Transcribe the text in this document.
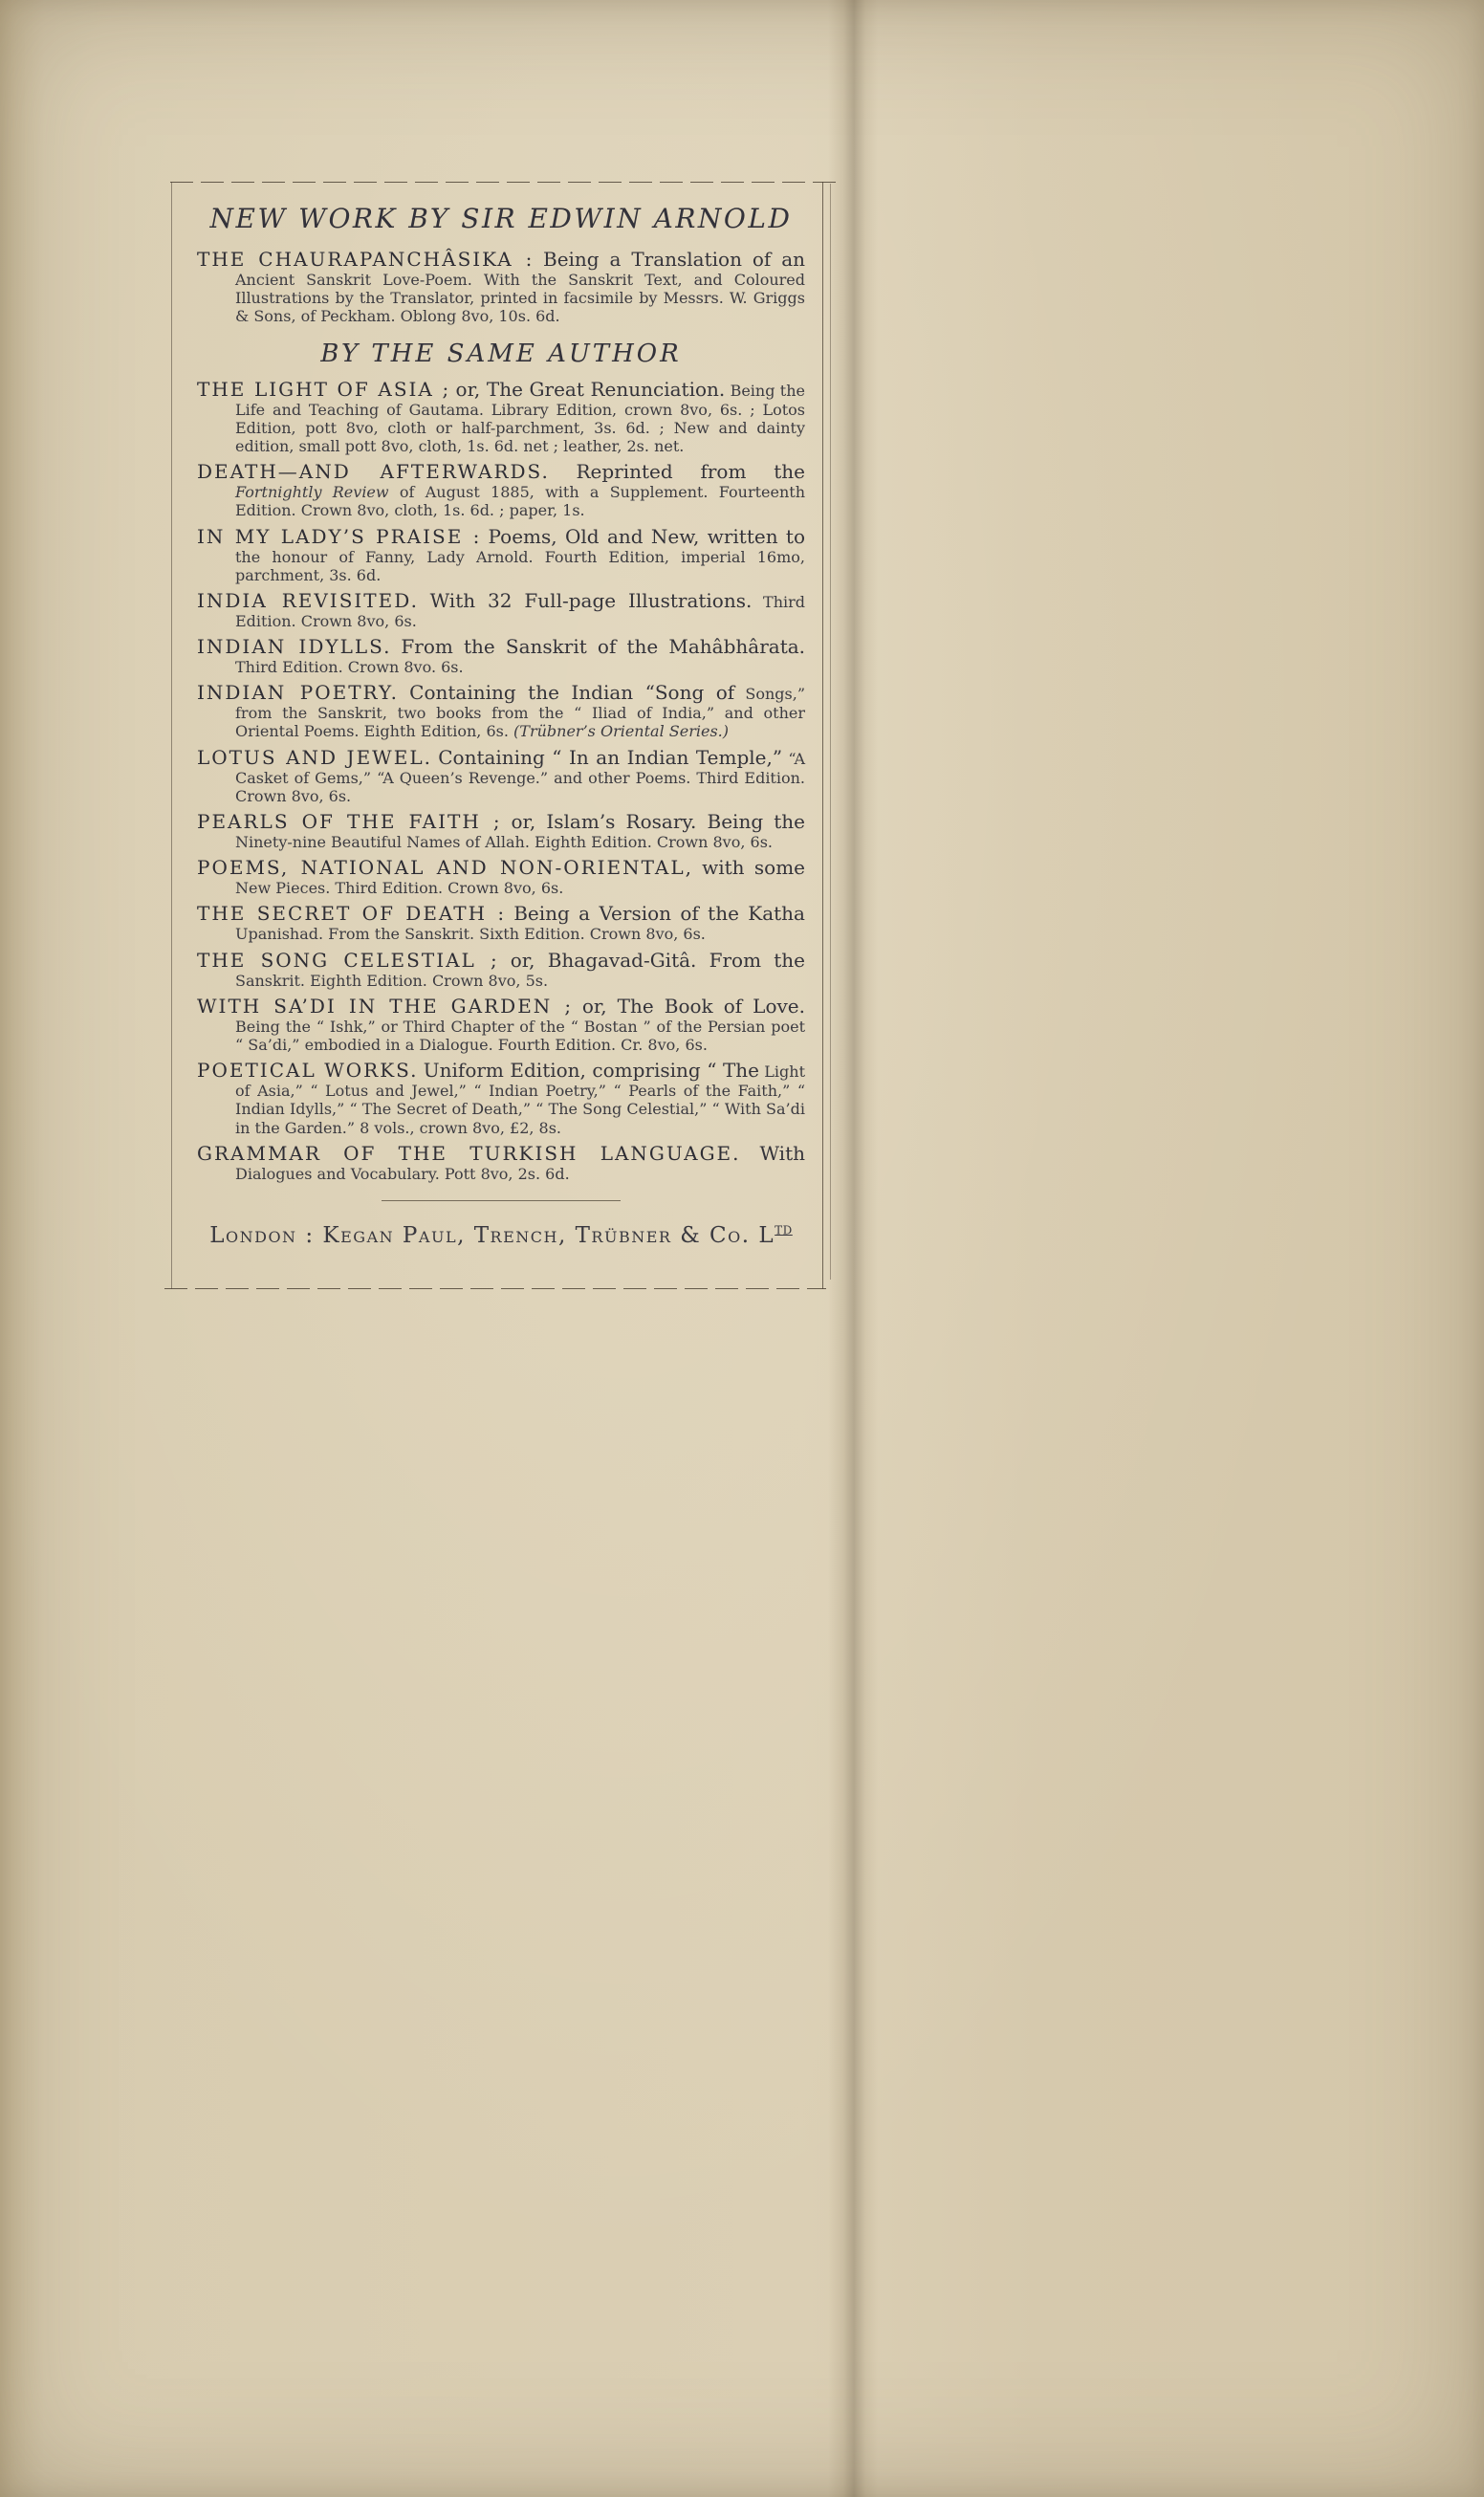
NEW WORK BY SIR EDWIN ARNOLD

THE CHAURAPANCHÂSIKA : Being a Translation of an Ancient Sanskrit Love-Poem. With the Sanskrit Text, and Coloured Illustrations by the Translator, printed in facsimile by Messrs. W. Griggs & Sons, of Peckham. Oblong 8vo, 10s. 6d.

BY THE SAME AUTHOR

THE LIGHT OF ASIA ; or, The Great Renunciation. Being the Life and Teaching of Gautama. Library Edition, crown 8vo, 6s. ; Lotos Edition, pott 8vo, cloth or half-parchment, 3s. 6d. ; New and dainty edition, small pott 8vo, cloth, 1s. 6d. net ; leather, 2s. net.

DEATH—AND AFTERWARDS. Reprinted from the Fortnightly Review of August 1885, with a Supplement. Fourteenth Edition. Crown 8vo, cloth, 1s. 6d. ; paper, 1s.

IN MY LADY’S PRAISE : Poems, Old and New, written to the honour of Fanny, Lady Arnold. Fourth Edition, imperial 16mo, parchment, 3s. 6d.

INDIA REVISITED. With 32 Full-page Illustrations. Third Edition. Crown 8vo, 6s.

INDIAN IDYLLS. From the Sanskrit of the Mahâbhârata. Third Edition. Crown 8vo. 6s.

INDIAN POETRY. Containing the Indian “Song of Songs,” from the Sanskrit, two books from the “ Iliad of India,” and other Oriental Poems. Eighth Edition, 6s. (Trübner’s Oriental Series.)

LOTUS AND JEWEL. Containing “ In an Indian Temple,” “A Casket of Gems,” “A Queen’s Revenge.” and other Poems. Third Edition. Crown 8vo, 6s.

PEARLS OF THE FAITH ; or, Islam’s Rosary. Being the Ninety-nine Beautiful Names of Allah. Eighth Edition. Crown 8vo, 6s.

POEMS, NATIONAL AND NON-ORIENTAL, with some New Pieces. Third Edition. Crown 8vo, 6s.

THE SECRET OF DEATH : Being a Version of the Katha Upanishad. From the Sanskrit. Sixth Edition. Crown 8vo, 6s.

THE SONG CELESTIAL ; or, Bhagavad-Gitâ. From the Sanskrit. Eighth Edition. Crown 8vo, 5s.

WITH SA’DI IN THE GARDEN ; or, The Book of Love. Being the “ Ishk,” or Third Chapter of the “ Bostan ” of the Persian poet “ Sa’di,” embodied in a Dialogue. Fourth Edition. Cr. 8vo, 6s.

POETICAL WORKS. Uniform Edition, comprising “ The Light of Asia,” “ Lotus and Jewel,” “ Indian Poetry,” “ Pearls of the Faith,” “ Indian Idylls,” “ The Secret of Death,” “ The Song Celestial,” “ With Sa’di in the Garden.” 8 vols., crown 8vo, £2, 8s.

GRAMMAR OF THE TURKISH LANGUAGE. With Dialogues and Vocabulary. Pott 8vo, 2s. 6d.

London : Kegan Paul, Trench, Trübner & Co. $L^{TD}$
